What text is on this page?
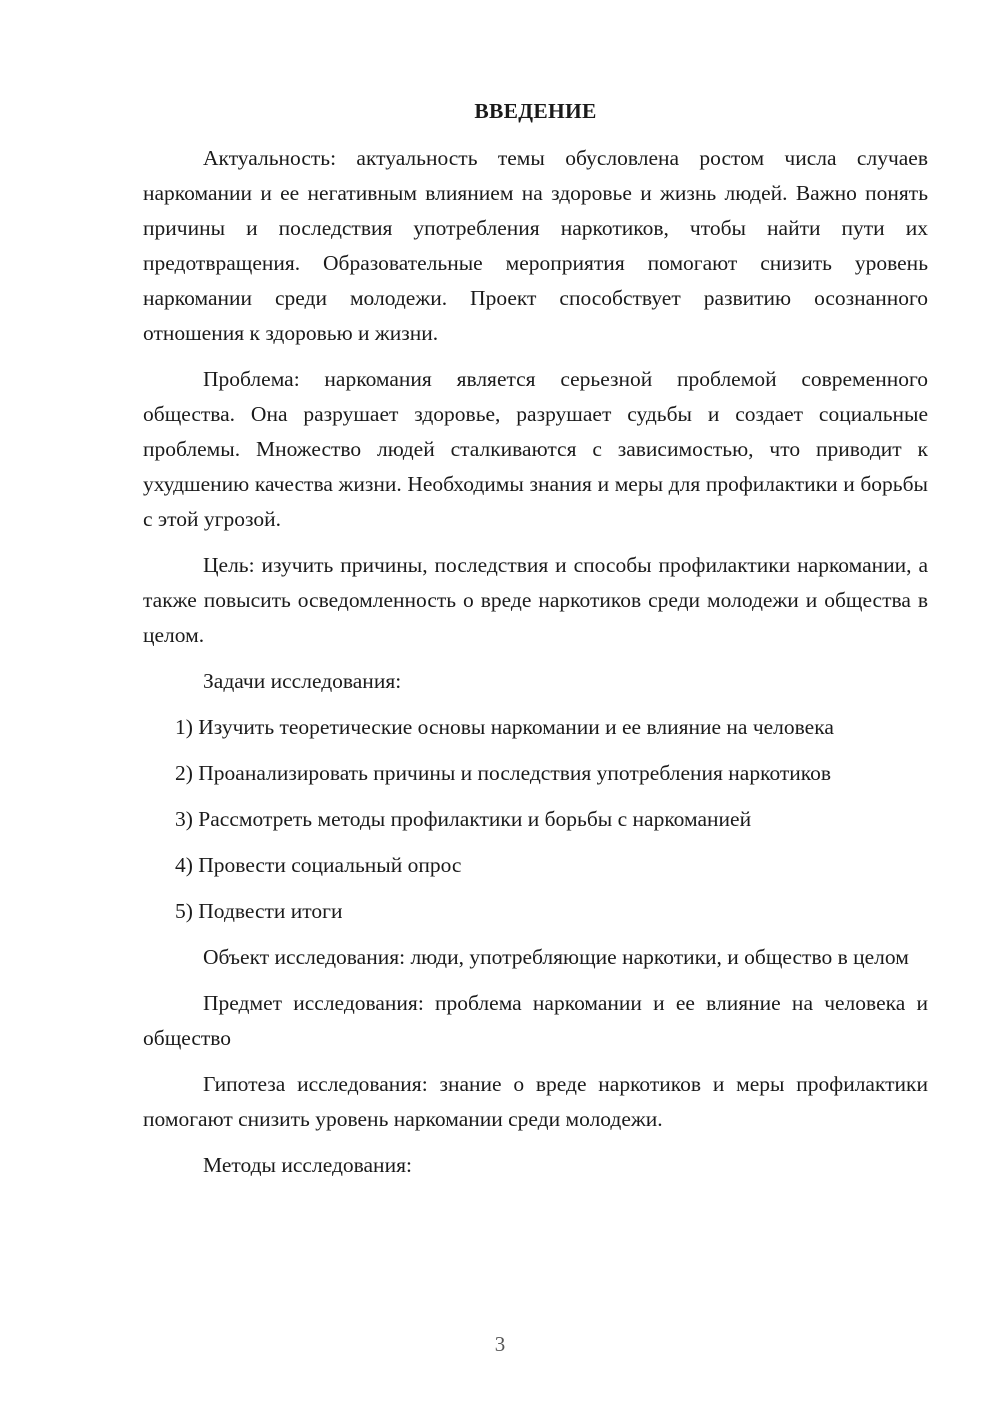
ВВЕДЕНИЕ

Актуальность: актуальность темы обусловлена ростом числа случаев наркомании и ее негативным влиянием на здоровье и жизнь людей. Важно понять причины и последствия употребления наркотиков, чтобы найти пути их предотвращения. Образовательные мероприятия помогают снизить уровень наркомании среди молодежи. Проект способствует развитию осознанного отношения к здоровью и жизни.

Проблема: наркомания является серьезной проблемой современного общества. Она разрушает здоровье, разрушает судьбы и создает социальные проблемы. Множество людей сталкиваются с зависимостью, что приводит к ухудшению качества жизни. Необходимы знания и меры для профилактики и борьбы с этой угрозой.

Цель: изучить причины, последствия и способы профилактики наркомании, а также повысить осведомленность о вреде наркотиков среди молодежи и общества в целом.

Задачи исследования:

1) Изучить теоретические основы наркомании и ее влияние на человека

2) Проанализировать причины и последствия употребления наркотиков

3) Рассмотреть методы профилактики и борьбы с наркоманией

4) Провести социальный опрос

5) Подвести итоги

Объект исследования: люди, употребляющие наркотики, и общество в целом

Предмет исследования: проблема наркомании и ее влияние на человека и общество

Гипотеза исследования: знание о вреде наркотиков и меры профилактики помогают снизить уровень наркомании среди молодежи.

Методы исследования:

3
